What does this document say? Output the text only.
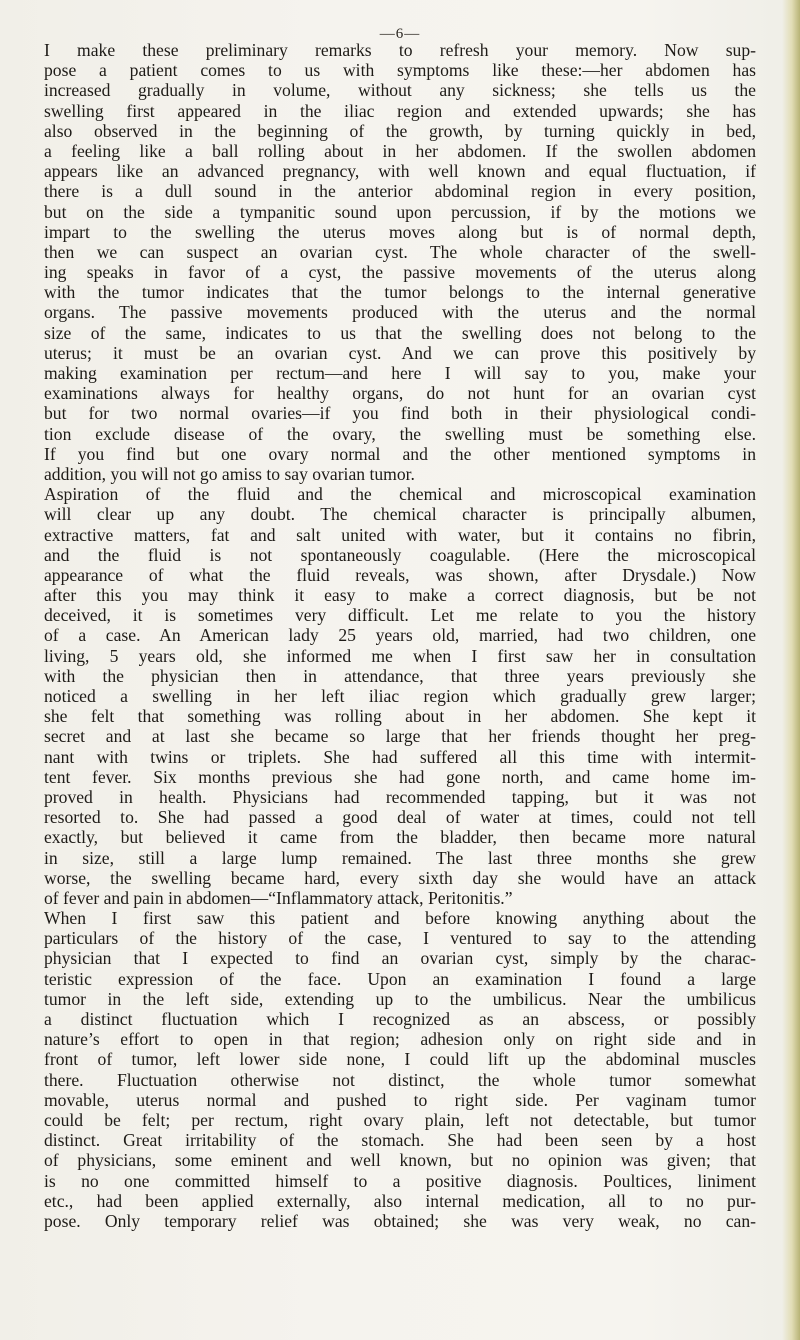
—6—
I make these preliminary remarks to refresh your memory. Now sup-
pose a patient comes to us with symptoms like these:—her abdomen has
increased gradually in volume, without any sickness; she tells us the
swelling first appeared in the iliac region and extended upwards; she has
also observed in the beginning of the growth, by turning quickly in bed,
a feeling like a ball rolling about in her abdomen. If the swollen abdomen
appears like an advanced pregnancy, with well known and equal fluctuation, if
there is a dull sound in the anterior abdominal region in every position,
but on the side a tympanitic sound upon percussion, if by the motions we
impart to the swelling the uterus moves along but is of normal depth,
then we can suspect an ovarian cyst. The whole character of the swell-
ing speaks in favor of a cyst, the passive movements of the uterus along
with the tumor indicates that the tumor belongs to the internal generative
organs. The passive movements produced with the uterus and the normal
size of the same, indicates to us that the swelling does not belong to the
uterus; it must be an ovarian cyst. And we can prove this positively by
making examination per rectum—and here I will say to you, make your
examinations always for healthy organs, do not hunt for an ovarian cyst
but for two normal ovaries—if you find both in their physiological condi-
tion exclude disease of the ovary, the swelling must be something else.
If you find but one ovary normal and the other mentioned symptoms in
addition, you will not go amiss to say ovarian tumor.
Aspiration of the fluid and the chemical and microscopical examination
will clear up any doubt. The chemical character is principally albumen,
extractive matters, fat and salt united with water, but it contains no fibrin,
and the fluid is not spontaneously coagulable. (Here the microscopical
appearance of what the fluid reveals, was shown, after Drysdale.) Now
after this you may think it easy to make a correct diagnosis, but be not
deceived, it is sometimes very difficult. Let me relate to you the history
of a case. An American lady 25 years old, married, had two children, one
living, 5 years old, she informed me when I first saw her in consultation
with the physician then in attendance, that three years previously she
noticed a swelling in her left iliac region which gradually grew larger;
she felt that something was rolling about in her abdomen. She kept it
secret and at last she became so large that her friends thought her preg-
nant with twins or triplets. She had suffered all this time with intermit-
tent fever. Six months previous she had gone north, and came home im-
proved in health. Physicians had recommended tapping, but it was not
resorted to. She had passed a good deal of water at times, could not tell
exactly, but believed it came from the bladder, then became more natural
in size, still a large lump remained. The last three months she grew
worse, the swelling became hard, every sixth day she would have an attack
of fever and pain in abdomen—“Inflammatory attack, Peritonitis.”
When I first saw this patient and before knowing anything about the
particulars of the history of the case, I ventured to say to the attending
physician that I expected to find an ovarian cyst, simply by the charac-
teristic expression of the face. Upon an examination I found a large
tumor in the left side, extending up to the umbilicus. Near the umbilicus
a distinct fluctuation which I recognized as an abscess, or possibly
nature’s effort to open in that region; adhesion only on right side and in
front of tumor, left lower side none, I could lift up the abdominal muscles
there. Fluctuation otherwise not distinct, the whole tumor somewhat
movable, uterus normal and pushed to right side. Per vaginam tumor
could be felt; per rectum, right ovary plain, left not detectable, but tumor
distinct. Great irritability of the stomach. She had been seen by a host
of physicians, some eminent and well known, but no opinion was given; that
is no one committed himself to a positive diagnosis. Poultices, liniment
etc., had been applied externally, also internal medication, all to no pur-
pose. Only temporary relief was obtained; she was very weak, no can-
